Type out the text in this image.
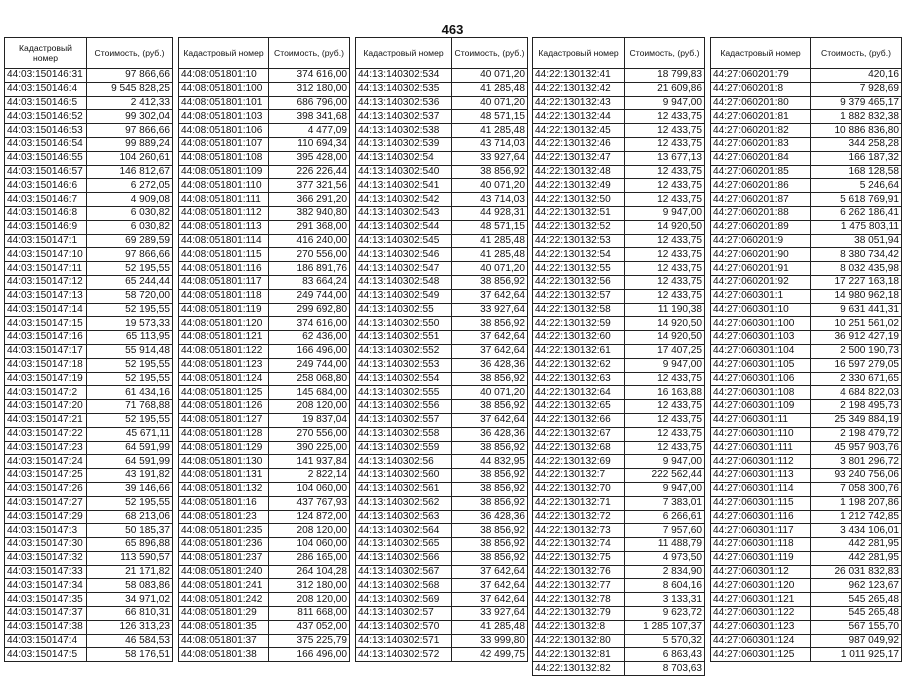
463
Кадастровый номер	Стоимость, (руб.)
44:03:150146:31	97 866,66
44:03:150146:4	9 545 828,25
44:03:150146:5	2 412,33
44:03:150146:52	99 302,04
44:03:150146:53	97 866,66
44:03:150146:54	99 889,24
44:03:150146:55	104 260,61
44:03:150146:57	146 812,67
44:03:150146:6	6 272,05
44:03:150146:7	4 909,08
44:03:150146:8	6 030,82
44:03:150146:9	6 030,82
44:03:150147:1	69 289,59
44:03:150147:10	97 866,66
44:03:150147:11	52 195,55
44:03:150147:12	65 244,44
44:03:150147:13	58 720,00
44:03:150147:14	52 195,55
44:03:150147:15	19 573,33
44:03:150147:16	65 113,95
44:03:150147:17	55 914,48
44:03:150147:18	52 195,55
44:03:150147:19	52 195,55
44:03:150147:2	61 434,16
44:03:150147:20	71 768,88
44:03:150147:21	52 195,55
44:03:150147:22	45 671,11
44:03:150147:23	64 591,99
44:03:150147:24	64 591,99
44:03:150147:25	43 191,82
44:03:150147:26	39 146,66
44:03:150147:27	52 195,55
44:03:150147:29	68 213,06
44:03:150147:3	50 185,37
44:03:150147:30	65 896,88
44:03:150147:32	113 590,57
44:03:150147:33	21 171,82
44:03:150147:34	58 083,86
44:03:150147:35	34 971,02
44:03:150147:37	66 810,31
44:03:150147:38	126 313,23
44:03:150147:4	46 584,53
44:03:150147:5	58 176,51
Кадастровый номер	Стоимость, (руб.)
44:08:051801:10	374 616,00
44:08:051801:100	312 180,00
44:08:051801:101	686 796,00
44:08:051801:103	398 341,68
44:08:051801:106	4 477,09
44:08:051801:107	110 694,34
44:08:051801:108	395 428,00
44:08:051801:109	226 226,44
44:08:051801:110	377 321,56
44:08:051801:111	366 291,20
44:08:051801:112	382 940,80
44:08:051801:113	291 368,00
44:08:051801:114	416 240,00
44:08:051801:115	270 556,00
44:08:051801:116	186 891,76
44:08:051801:117	83 664,24
44:08:051801:118	249 744,00
44:08:051801:119	299 692,80
44:08:051801:120	374 616,00
44:08:051801:121	62 436,00
44:08:051801:122	166 496,00
44:08:051801:123	249 744,00
44:08:051801:124	258 068,80
44:08:051801:125	145 684,00
44:08:051801:126	208 120,00
44:08:051801:127	19 837,04
44:08:051801:128	270 556,00
44:08:051801:129	390 225,00
44:08:051801:130	141 937,84
44:08:051801:131	2 822,14
44:08:051801:132	104 060,00
44:08:051801:16	437 767,93
44:08:051801:23	124 872,00
44:08:051801:235	208 120,00
44:08:051801:236	104 060,00
44:08:051801:237	286 165,00
44:08:051801:240	264 104,28
44:08:051801:241	312 180,00
44:08:051801:242	208 120,00
44:08:051801:29	811 668,00
44:08:051801:35	437 052,00
44:08:051801:37	375 225,79
44:08:051801:38	166 496,00
Кадастровый номер	Стоимость, (руб.)
44:13:140302:534	40 071,20
44:13:140302:535	41 285,48
44:13:140302:536	40 071,20
44:13:140302:537	48 571,15
44:13:140302:538	41 285,48
44:13:140302:539	43 714,03
44:13:140302:54	33 927,64
44:13:140302:540	38 856,92
44:13:140302:541	40 071,20
44:13:140302:542	43 714,03
44:13:140302:543	44 928,31
44:13:140302:544	48 571,15
44:13:140302:545	41 285,48
44:13:140302:546	41 285,48
44:13:140302:547	40 071,20
44:13:140302:548	38 856,92
44:13:140302:549	37 642,64
44:13:140302:55	33 927,64
44:13:140302:550	38 856,92
44:13:140302:551	37 642,64
44:13:140302:552	37 642,64
44:13:140302:553	36 428,36
44:13:140302:554	38 856,92
44:13:140302:555	40 071,20
44:13:140302:556	38 856,92
44:13:140302:557	37 642,64
44:13:140302:558	36 428,36
44:13:140302:559	38 856,92
44:13:140302:56	44 832,95
44:13:140302:560	38 856,92
44:13:140302:561	38 856,92
44:13:140302:562	38 856,92
44:13:140302:563	36 428,36
44:13:140302:564	38 856,92
44:13:140302:565	38 856,92
44:13:140302:566	38 856,92
44:13:140302:567	37 642,64
44:13:140302:568	37 642,64
44:13:140302:569	37 642,64
44:13:140302:57	33 927,64
44:13:140302:570	41 285,48
44:13:140302:571	33 999,80
44:13:140302:572	42 499,75
Кадастровый номер	Стоимость, (руб.)
44:22:130132:41	18 799,83
44:22:130132:42	21 609,86
44:22:130132:43	9 947,00
44:22:130132:44	12 433,75
44:22:130132:45	12 433,75
44:22:130132:46	12 433,75
44:22:130132:47	13 677,13
44:22:130132:48	12 433,75
44:22:130132:49	12 433,75
44:22:130132:50	12 433,75
44:22:130132:51	9 947,00
44:22:130132:52	14 920,50
44:22:130132:53	12 433,75
44:22:130132:54	12 433,75
44:22:130132:55	12 433,75
44:22:130132:56	12 433,75
44:22:130132:57	12 433,75
44:22:130132:58	11 190,38
44:22:130132:59	14 920,50
44:22:130132:60	14 920,50
44:22:130132:61	17 407,25
44:22:130132:62	9 947,00
44:22:130132:63	12 433,75
44:22:130132:64	16 163,88
44:22:130132:65	12 433,75
44:22:130132:66	12 433,75
44:22:130132:67	12 433,75
44:22:130132:68	12 433,75
44:22:130132:69	9 947,00
44:22:130132:7	222 562,44
44:22:130132:70	9 947,00
44:22:130132:71	7 383,01
44:22:130132:72	6 266,61
44:22:130132:73	7 957,60
44:22:130132:74	11 488,79
44:22:130132:75	4 973,50
44:22:130132:76	2 834,90
44:22:130132:77	8 604,16
44:22:130132:78	3 133,31
44:22:130132:79	9 623,72
44:22:130132:8	1 285 107,37
44:22:130132:80	5 570,32
44:22:130132:81	6 863,43
44:22:130132:82	8 703,63
Кадастровый номер	Стоимость, (руб.)
44:27:060201:79	420,16
44:27:060201:8	7 928,69
44:27:060201:80	9 379 465,17
44:27:060201:81	1 882 832,38
44:27:060201:82	10 886 836,80
44:27:060201:83	344 258,28
44:27:060201:84	166 187,32
44:27:060201:85	168 128,58
44:27:060201:86	5 246,64
44:27:060201:87	5 618 769,91
44:27:060201:88	6 262 186,41
44:27:060201:89	1 475 803,11
44:27:060201:9	38 051,94
44:27:060201:90	8 380 734,42
44:27:060201:91	8 032 435,98
44:27:060201:92	17 227 163,18
44:27:060301:1	14 980 962,18
44:27:060301:10	9 631 441,31
44:27:060301:100	10 251 561,02
44:27:060301:103	36 912 427,19
44:27:060301:104	2 500 190,73
44:27:060301:105	16 597 279,05
44:27:060301:106	2 330 671,65
44:27:060301:108	4 684 822,03
44:27:060301:109	2 198 495,73
44:27:060301:11	25 349 884,19
44:27:060301:110	2 198 479,72
44:27:060301:111	45 957 903,76
44:27:060301:112	3 801 296,72
44:27:060301:113	93 240 756,06
44:27:060301:114	7 058 300,76
44:27:060301:115	1 198 207,86
44:27:060301:116	1 212 742,85
44:27:060301:117	3 434 106,01
44:27:060301:118	442 281,95
44:27:060301:119	442 281,95
44:27:060301:12	26 031 832,83
44:27:060301:120	962 123,67
44:27:060301:121	545 265,48
44:27:060301:122	545 265,48
44:27:060301:123	567 155,70
44:27:060301:124	987 049,92
44:27:060301:125	1 011 925,17
